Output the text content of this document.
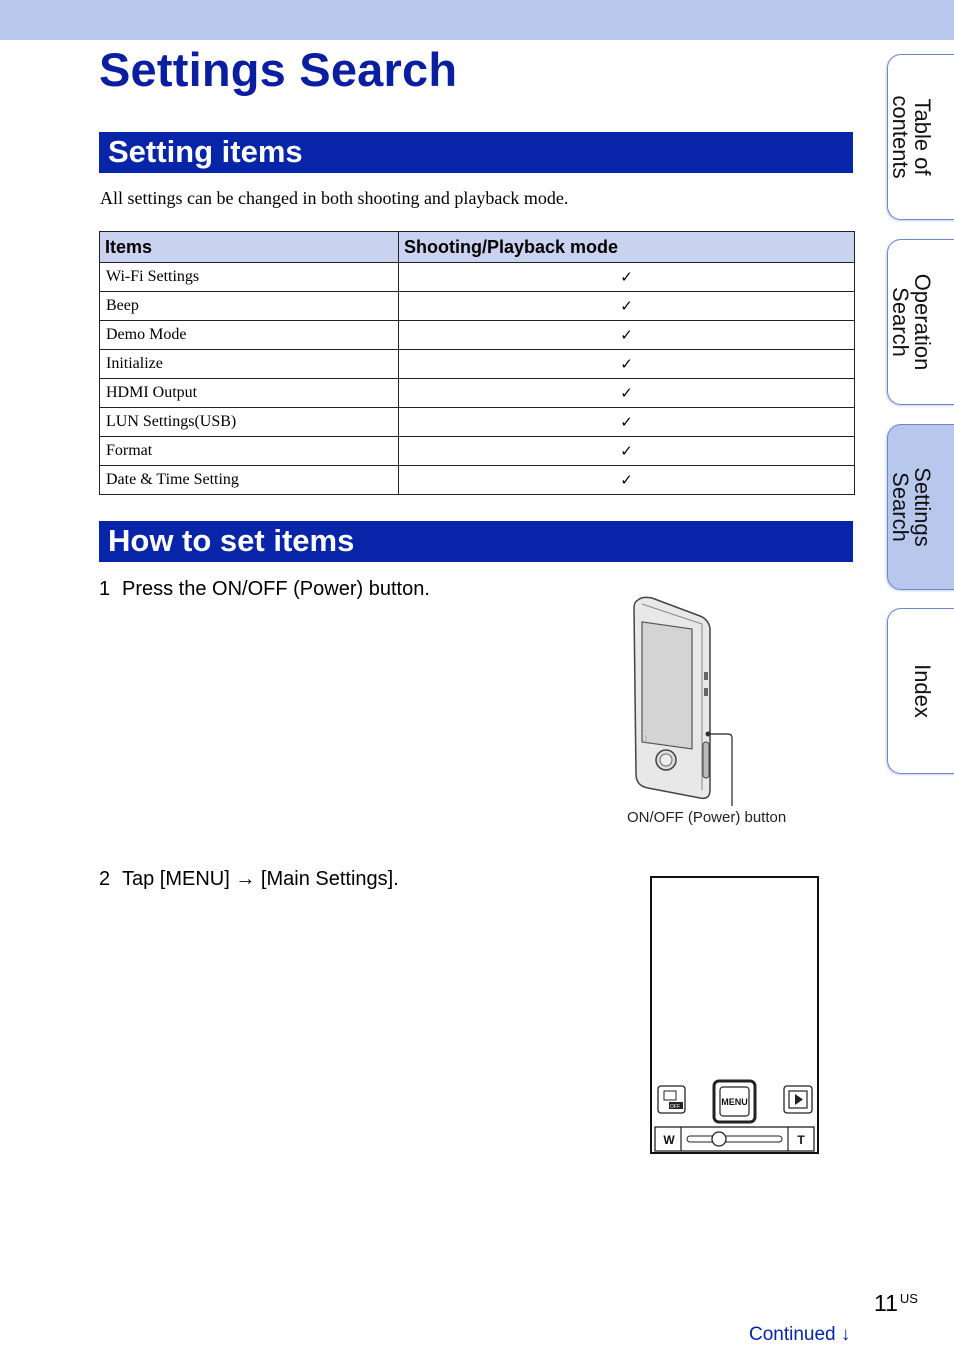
Settings Search
Setting items
All settings can be changed in both shooting and playback mode.
Items	Shooting/Playback mode
Wi-Fi Settings	✓
Beep	✓
Demo Mode	✓
Initialize	✓
HDMI Output	✓
LUN Settings(USB)	✓
Format	✓
Date & Time Setting	✓
How to set items
1 Press the ON/OFF (Power) button.
⋮
ON/OFF (Power) button
2 Tap [MENU] → [Main Settings].
OFF	MENU
W	T
Table of
contents
Operation
Search
Settings
Search
Index
11 $^{US}$
Continued ↓
